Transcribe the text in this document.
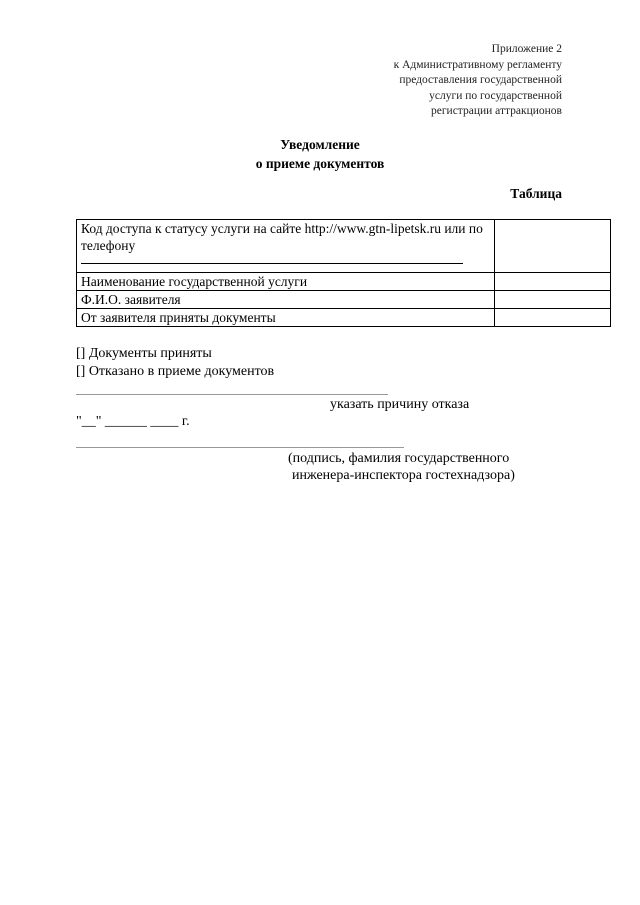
Приложение 2
к Административному регламенту
предоставления государственной
услуги по государственной
регистрации аттракционов
Уведомление
о приеме документов
Таблица
Код доступа к статусу услуги на сайте http://www.gtn-lipetsk.ru или по телефону

Наименование государственной услуги	
Ф.И.О. заявителя	
От заявителя приняты документы	
[] Документы приняты
[] Отказано в приеме документов
указать причину отказа
"__" ______ ____ г.
(подпись, фамилия государственного
инженера-инспектора гостехнадзора)
